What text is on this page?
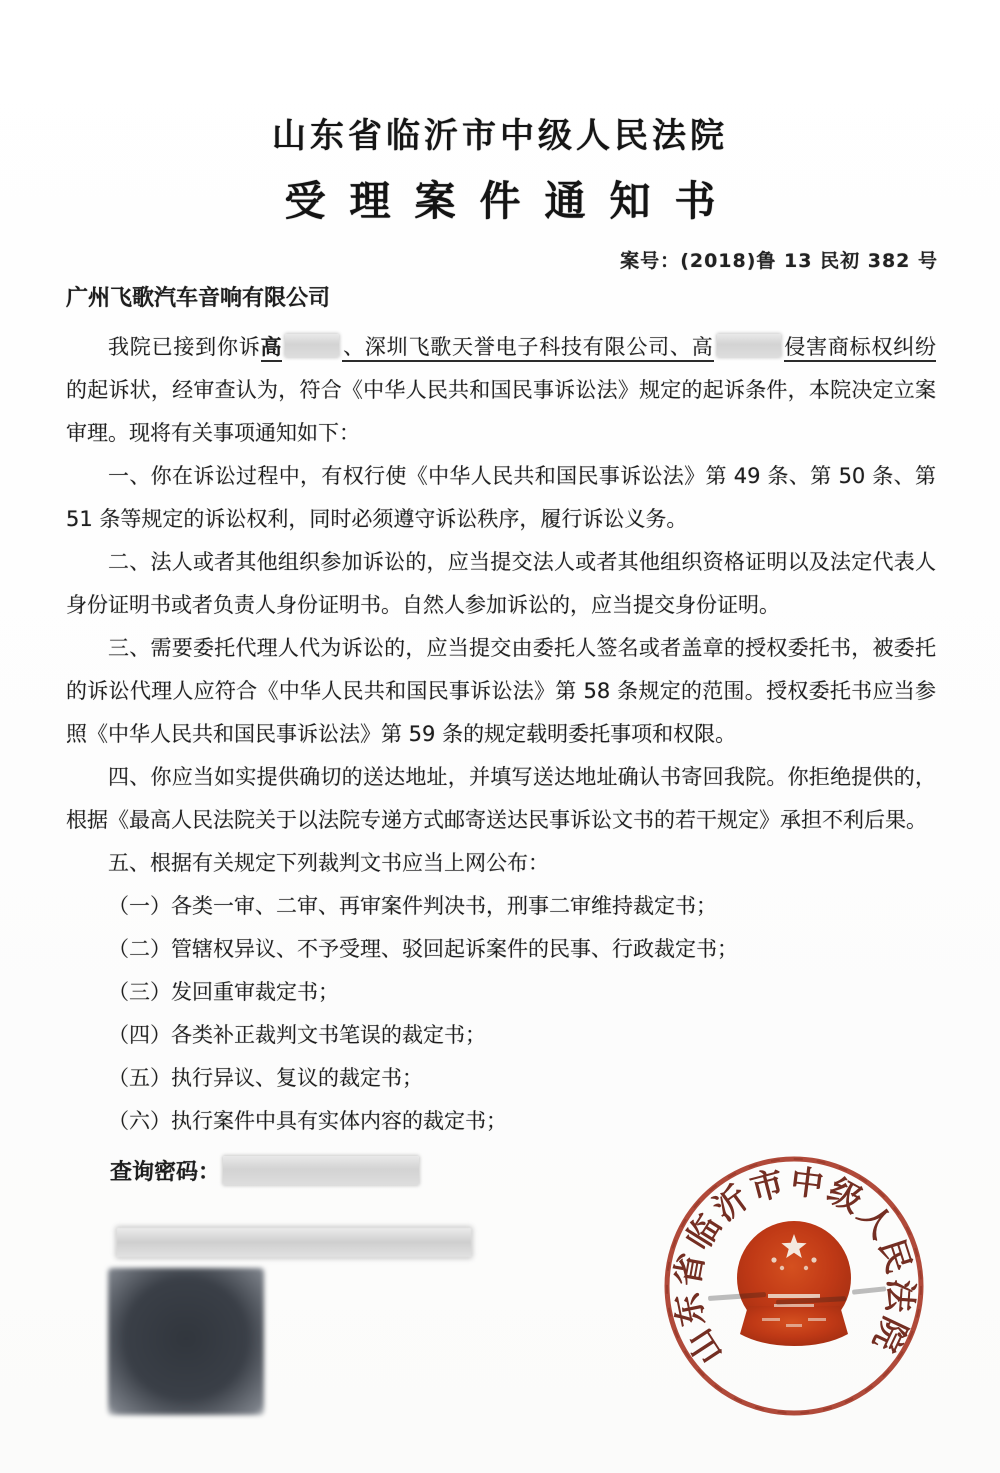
山东省临沂市中级人民法院
受理案件通知书
案号：(2018)鲁 13 民初 382 号
广州飞歌汽车音响有限公司

我院已接到你诉高	、深圳飞歌天誉电子科技有限公司、高	侵害商标权纠纷 的起诉状，经审查认为，符合《中华人民共和国民事诉讼法》规定的起诉条件，本院决定立案审理。现将有关事项通知如下：

一、你在诉讼过程中，有权行使《中华人民共和国民事诉讼法》第 49 条、第 50 条、第 51 条等规定的诉讼权利，同时必须遵守诉讼秩序，履行诉讼义务。

二、法人或者其他组织参加诉讼的，应当提交法人或者其他组织资格证明以及法定代表人身份证明书或者负责人身份证明书。自然人参加诉讼的，应当提交身份证明。

三、需要委托代理人代为诉讼的，应当提交由委托人签名或者盖章的授权委托书，被委托的诉讼代理人应符合《中华人民共和国民事诉讼法》第 58 条规定的范围。授权委托书应当参照《中华人民共和国民事诉讼法》第 59 条的规定载明委托事项和权限。

四、你应当如实提供确切的送达地址，并填写送达地址确认书寄回我院。你拒绝提供的，根据《最高人民法院关于以法院专递方式邮寄送达民事诉讼文书的若干规定》承担不利后果。

五、根据有关规定下列裁判文书应当上网公布：

（一）各类一审、二审、再审案件判决书，刑事二审维持裁定书；

（二）管辖权异议、不予受理、驳回起诉案件的民事、行政裁定书；

（三）发回重审裁定书；

（四）各类补正裁判文书笔误的裁定书；

（五）执行异议、复议的裁定书；

（六）执行案件中具有实体内容的裁定书；

查询密码：
山东省临沂市中级人民法院
